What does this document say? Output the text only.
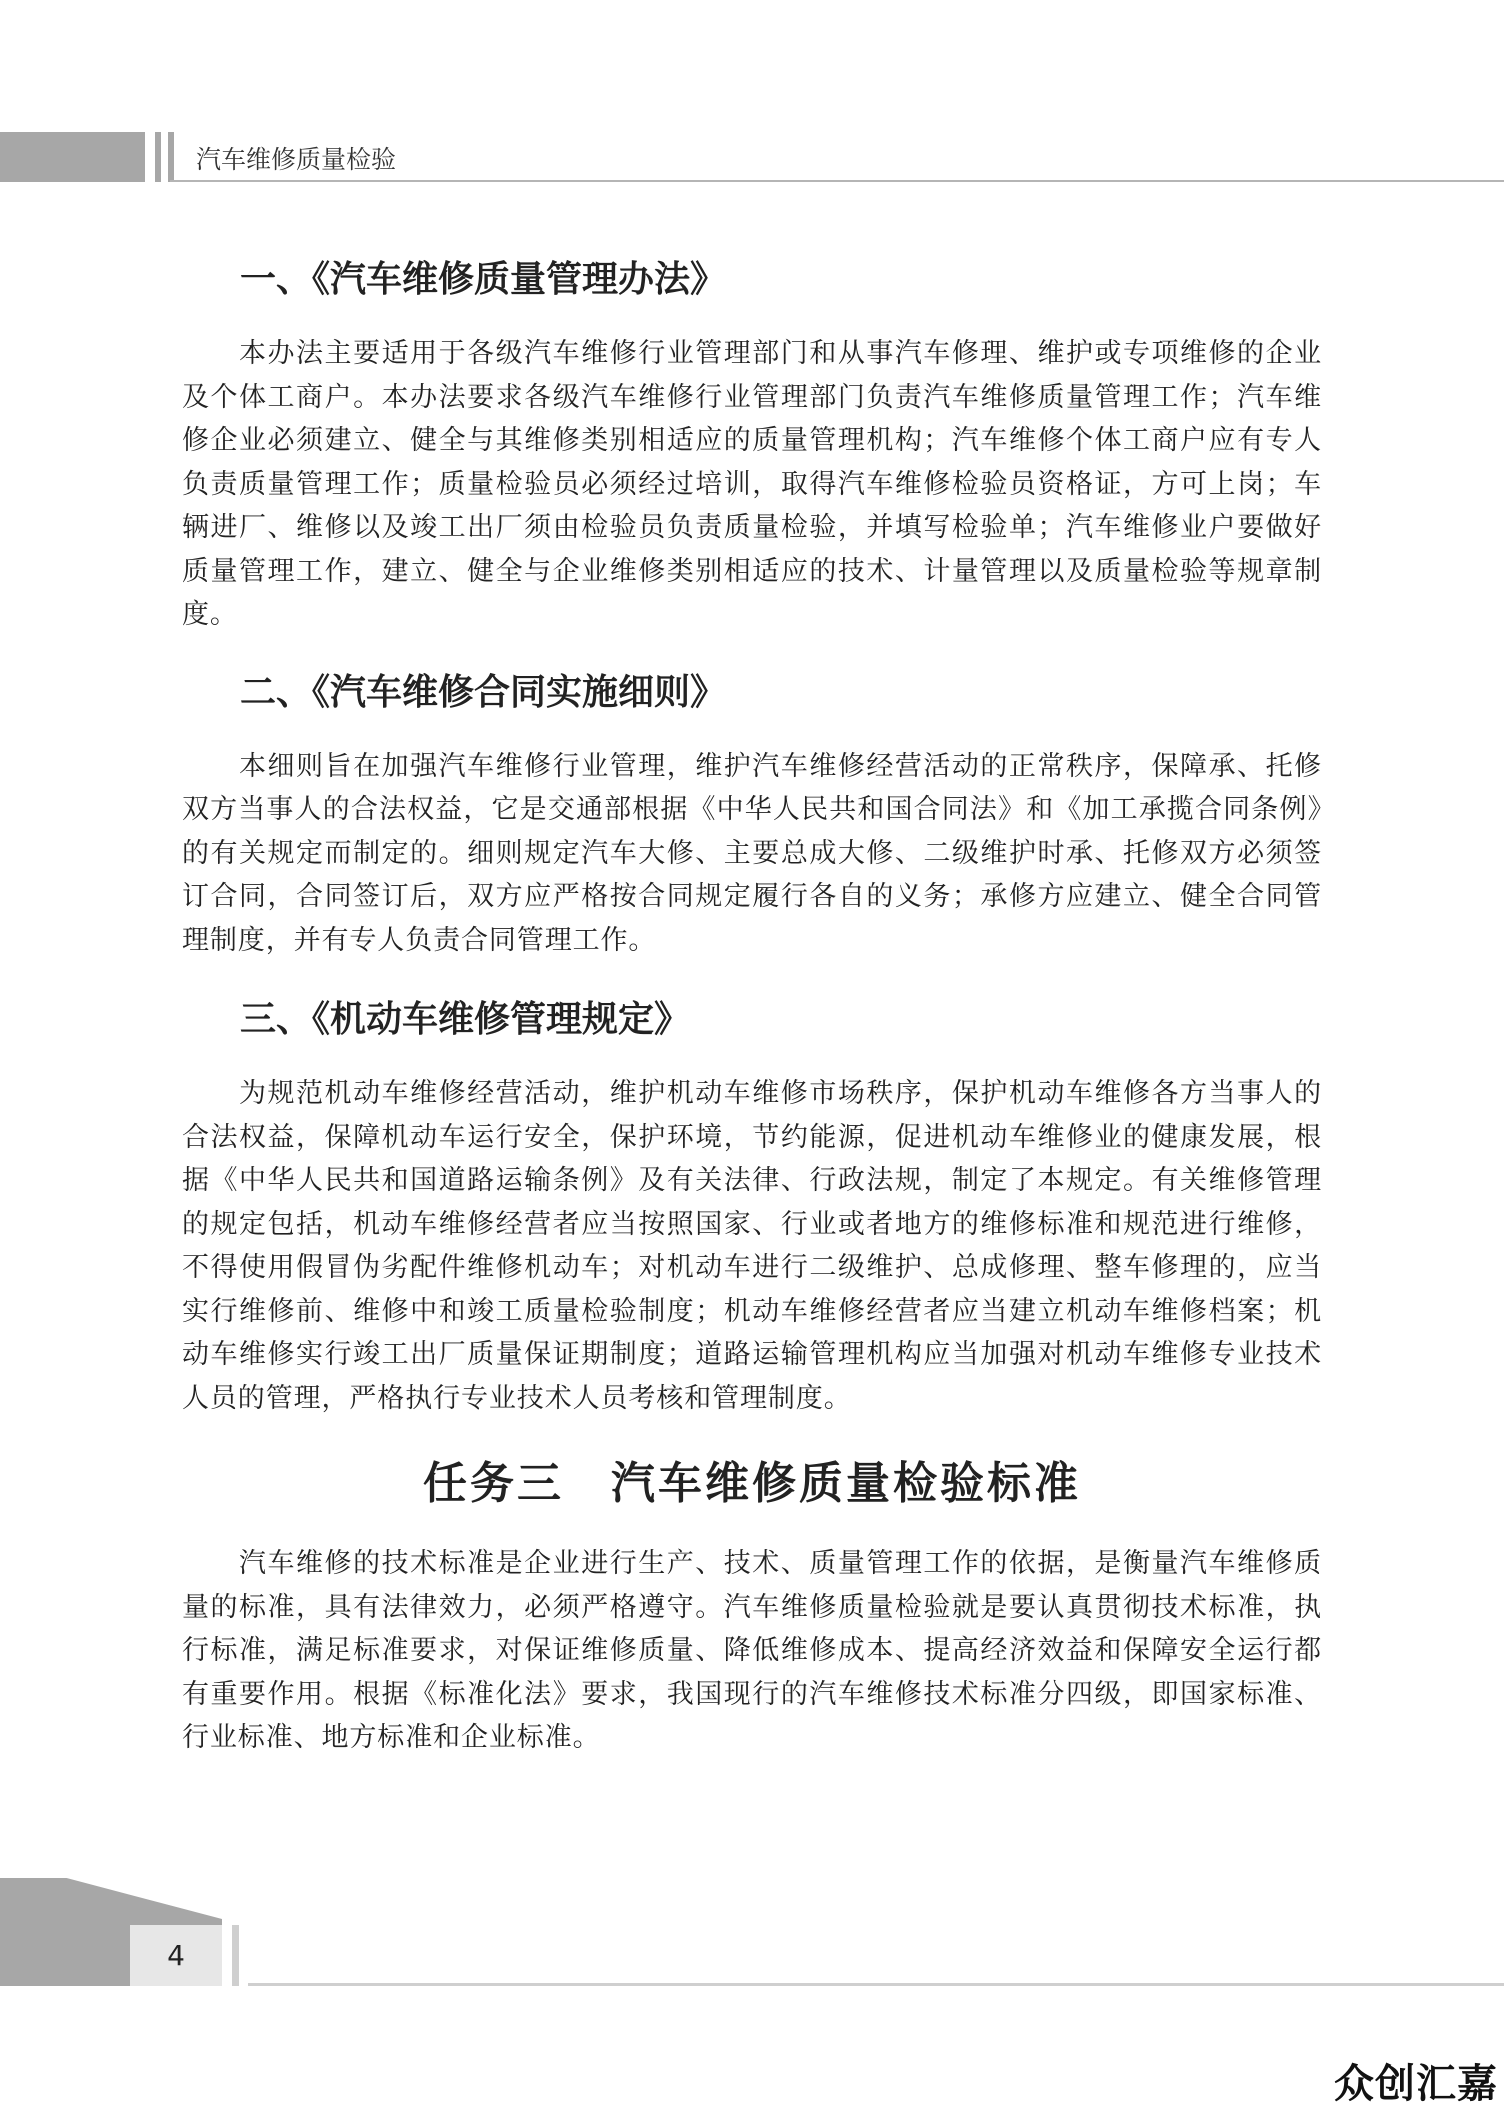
汽车维修质量检验
一、《汽车维修质量管理办法》

本办法主要适用于各级汽车维修行业管理部门和从事汽车修理、维护或专项维修的企业及个体工商户。本办法要求各级汽车维修行业管理部门负责汽车维修质量管理工作；汽车维修企业必须建立、健全与其维修类别相适应的质量管理机构；汽车维修个体工商户应有专人负责质量管理工作；质量检验员必须经过培训，取得汽车维修检验员资格证，方可上岗；车辆进厂、维修以及竣工出厂须由检验员负责质量检验，并填写检验单；汽车维修业户要做好质量管理工作，建立、健全与企业维修类别相适应的技术、计量管理以及质量检验等规章制度。

二、《汽车维修合同实施细则》

本细则旨在加强汽车维修行业管理，维护汽车维修经营活动的正常秩序，保障承、托修双方当事人的合法权益，它是交通部根据《中华人民共和国合同法》和《加工承揽合同条例》的有关规定而制定的。细则规定汽车大修、主要总成大修、二级维护时承、托修双方必须签订合同，合同签订后，双方应严格按合同规定履行各自的义务；承修方应建立、健全合同管理制度，并有专人负责合同管理工作。

三、《机动车维修管理规定》

为规范机动车维修经营活动，维护机动车维修市场秩序，保护机动车维修各方当事人的合法权益，保障机动车运行安全，保护环境，节约能源，促进机动车维修业的健康发展，根据《中华人民共和国道路运输条例》及有关法律、行政法规，制定了本规定。有关维修管理的规定包括，机动车维修经营者应当按照国家、行业或者地方的维修标准和规范进行维修，不得使用假冒伪劣配件维修机动车；对机动车进行二级维护、总成修理、整车修理的，应当实行维修前、维修中和竣工质量检验制度；机动车维修经营者应当建立机动车维修档案；机动车维修实行竣工出厂质量保证期制度；道路运输管理机构应当加强对机动车维修专业技术人员的管理，严格执行专业技术人员考核和管理制度。

任务三　汽车维修质量检验标准

汽车维修的技术标准是企业进行生产、技术、质量管理工作的依据，是衡量汽车维修质量的标准，具有法律效力，必须严格遵守。汽车维修质量检验就是要认真贯彻技术标准，执行标准，满足标准要求，对保证维修质量、降低维修成本、提高经济效益和保障安全运行都有重要作用。根据《标准化法》要求，我国现行的汽车维修技术标准分四级，即国家标准、行业标准、地方标准和企业标准。

4
众创汇嘉
